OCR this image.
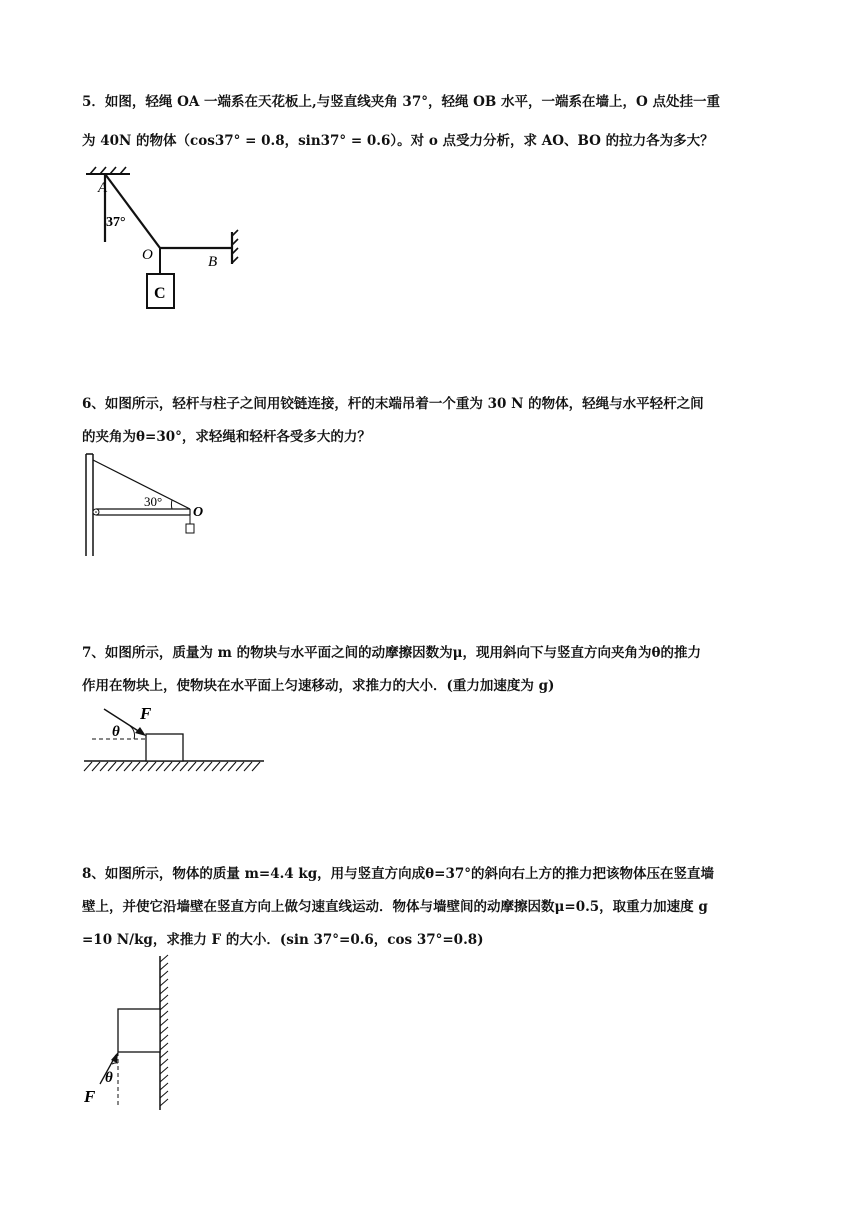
5．如图，轻绳 OA 一端系在天花板上,与竖直线夹角 37°，轻绳 OB 水平，一端系在墙上，O 点处挂一重

为 40N 的物体（cos37° = 0.8，sin37° = 0.6）。对 o 点受力分析，求 AO、BO 的拉力各为多大？

A
37°
O	B
C

6、如图所示，轻杆与柱子之间用铰链连接，杆的末端吊着一个重为 30 N 的物体，轻绳与水平轻杆之间

的夹角为θ=30°，求轻绳和轻杆各受多大的力？

30°
O

7、如图所示，质量为 m 的物块与水平面之间的动摩擦因数为μ，现用斜向下与竖直方向夹角为θ的推力

作用在物块上，使物块在水平面上匀速移动，求推力的大小．(重力加速度为 g)

F
θ

8、如图所示，物体的质量 m=4.4 kg，用与竖直方向成θ=37°的斜向右上方的推力把该物体压在竖直墙

壁上，并使它沿墙壁在竖直方向上做匀速直线运动．物体与墙壁间的动摩擦因数μ=0.5，取重力加速度 g

=10 N/kg，求推力 F 的大小．(sin 37°=0.6，cos 37°=0.8)

θ
F
